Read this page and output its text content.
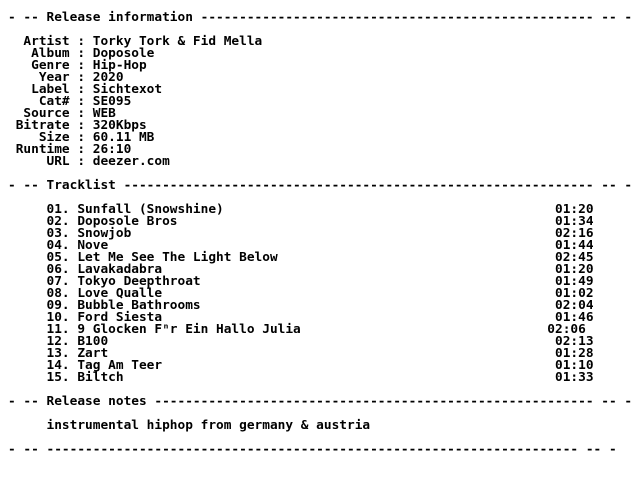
- -- Release information --------------------------------------------------- -- -
Artist : Torky Tork & Fid Mella
Album : Doposole
Genre : Hip-Hop
Year : 2020
Label : Sichtexot
Cat# : SE095
Source : WEB
Bitrate : 320Kbps
Size : 60.11 MB
Runtime : 26:10
URL : deezer.com
- -- Tracklist ------------------------------------------------------------- -- -
01. Sunfall (Snowshine)                                           01:20
02. Doposole Bros                                                 01:34
03. Snowjob                                                       02:16
04. Nove                                                          01:44
05. Let Me See The Light Below                                    02:45
06. Lavakadabra                                                   01:20
07. Tokyo Deepthroat                                              01:49
08. Love Qualle                                                   01:02
09. Bubble Bathrooms                                              02:04
10. Ford Siesta                                                   01:46
11. 9 Glocken Fⁿr Ein Hallo Julia                                02:06
12. B100                                                          02:13
13. Zart                                                          01:28
14. Tag Am Teer                                                   01:10
15. Biltch                                                        01:33
- -- Release notes --------------------------------------------------------- -- -
instrumental hiphop from germany & austria
- -- --------------------------------------------------------------------- -- -
